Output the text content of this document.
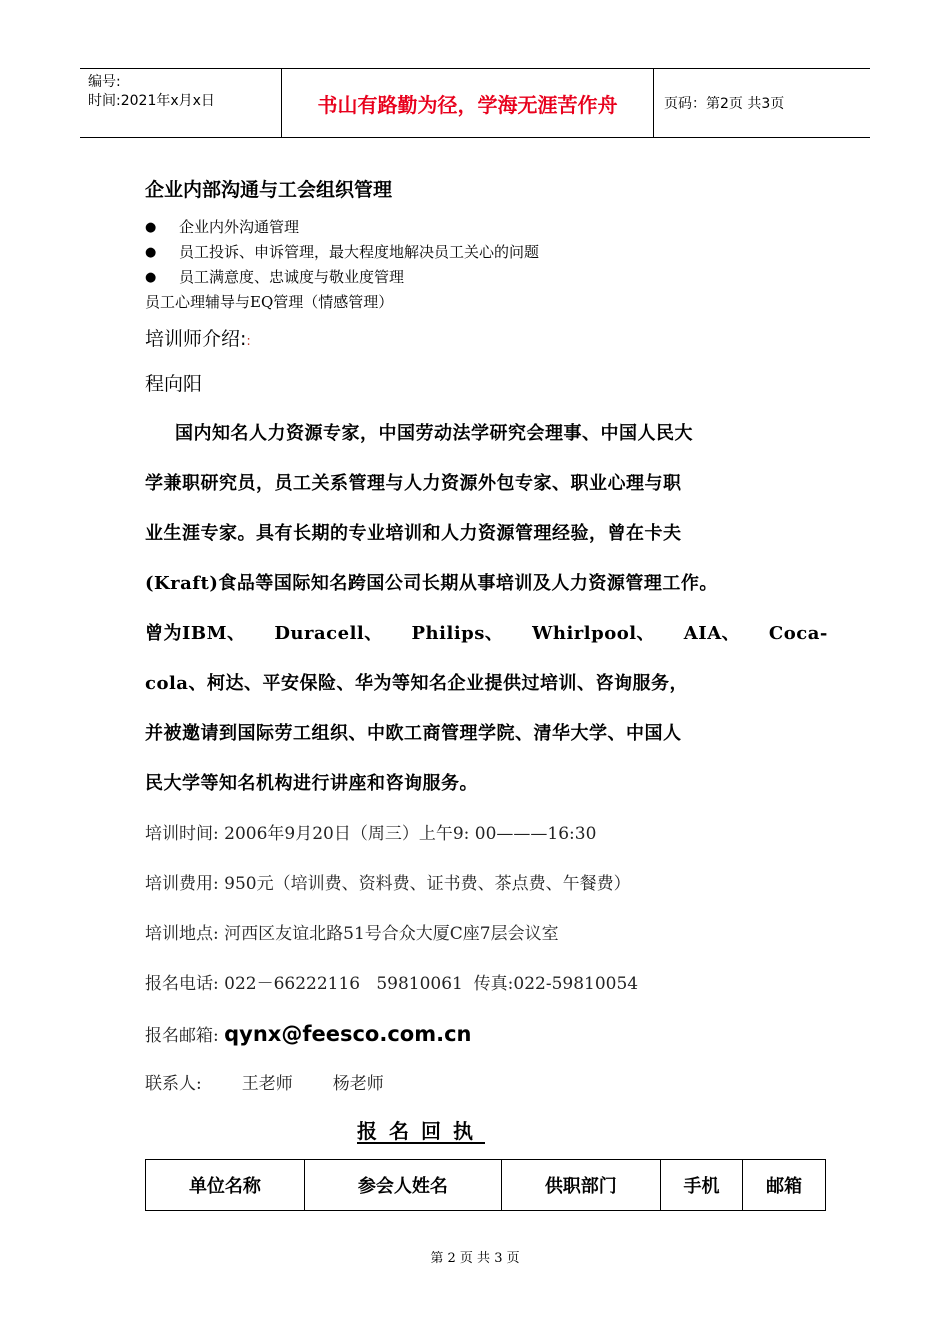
编号:
时间:2021年x月x日	书山有路勤为径，学海无涯苦作舟	页码：第2页 共3页
企业内部沟通与工会组织管理
●	企业内外沟通管理
●	员工投诉、申诉管理，最大程度地解决员工关心的问题
●	员工满意度、忠诚度与敬业度管理
员工心理辅导与EQ管理（情感管理）
培训师介绍::
程向阳
国内知名人力资源专家，中国劳动法学研究会理事、中国人民大
学兼职研究员，员工关系管理与人力资源外包专家、职业心理与职
业生涯专家。具有长期的专业培训和人力资源管理经验，曾在卡夫
(Kraft)食品等国际知名跨国公司长期从事培训及人力资源管理工作。
曾为IBM、 Duracell、 Philips、 Whirlpool、 AIA、 Coca-
cola、柯达、平安保险、华为等知名企业提供过培训、咨询服务，
并被邀请到国际劳工组织、中欧工商管理学院、清华大学、中国人
民大学等知名机构进行讲座和咨询服务。
培训时间: 2006年9月20日（周三）上午9: 00———16:30
培训费用: 950元（培训费、资料费、证书费、茶点费、午餐费）
培训地点: 河西区友谊北路51号合众大厦C座7层会议室
报名电话: 022－66222116   59810061  传真:022-59810054
报名邮箱: qynx@feesco.com.cn
联系人: 王老师 杨老师
报名回执
单位名称	参会人姓名	供职部门	手机	邮箱
第 2 页 共 3 页
